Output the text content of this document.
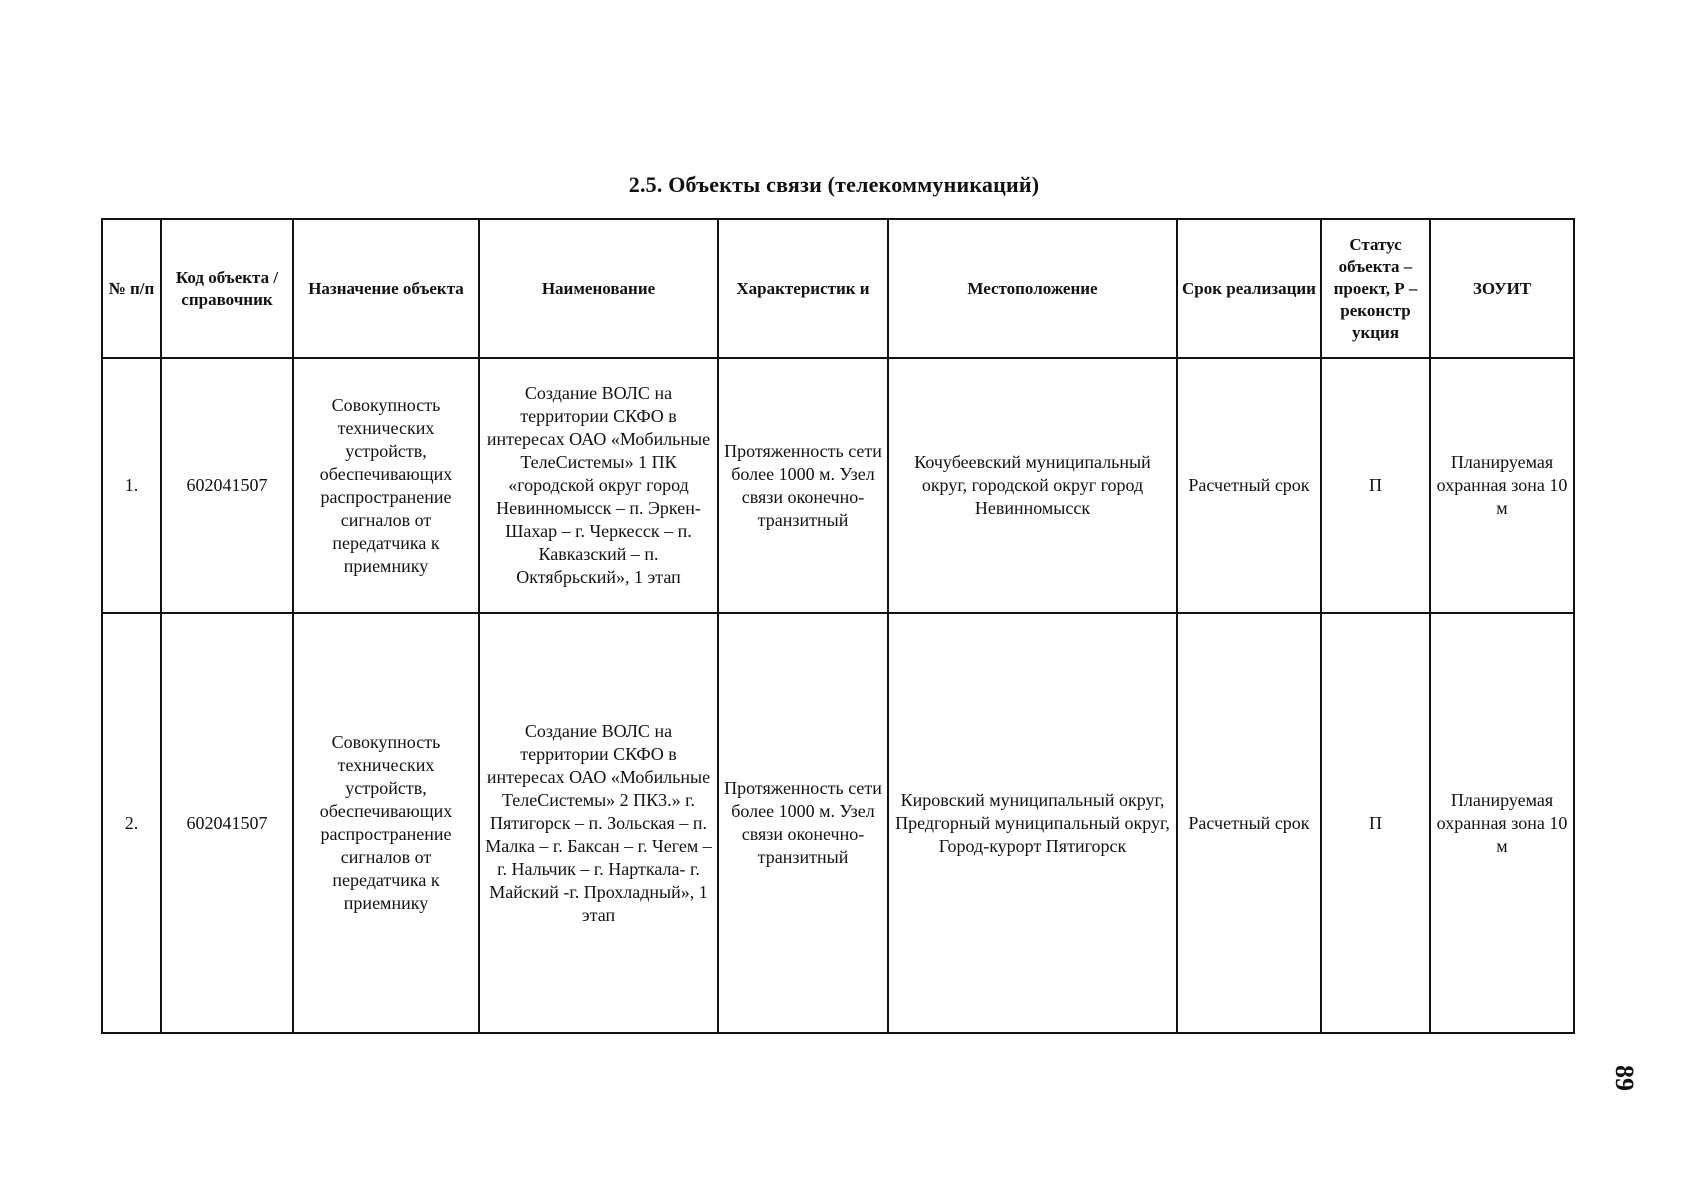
2.5. Объекты связи (телекоммуникаций)
№ п/п	Код объекта / справочник	Назначение объекта	Наименование	Характеристик и	Местоположение	Срок реализации	Статус объекта – проект, Р – реконстр укция	ЗОУИТ
1.	602041507	Совокупность технических устройств, обеспечивающих распространение сигналов от передатчика к приемнику	Создание ВОЛС на территории СКФО в интересах ОАО «Мобильные ТелеСистемы» 1 ПК «городской округ город Невинномысск – п. Эркен-Шахар – г. Черкесск – п. Кавказский – п. Октябрьский», 1 этап	Протяженность сети более 1000 м. Узел связи оконечно-транзитный	Кочубеевский муниципальный округ, городской округ город Невинномысск	Расчетный срок	П	Планируемая охранная зона 10 м
2.	602041507	Совокупность технических устройств, обеспечивающих распространение сигналов от передатчика к приемнику	Создание ВОЛС на территории СКФО в интересах ОАО «Мобильные ТелеСистемы» 2 ПК3.» г. Пятигорск – п. Зольская – п. Малка – г. Баксан – г. Чегем – г. Нальчик – г. Нарткала- г. Майский -г. Прохладный», 1 этап	Протяженность сети более 1000 м. Узел связи оконечно-транзитный	Кировский муниципальный округ, Предгорный муниципальный округ, Город-курорт Пятигорск	Расчетный срок	П	Планируемая охранная зона 10 м
89
